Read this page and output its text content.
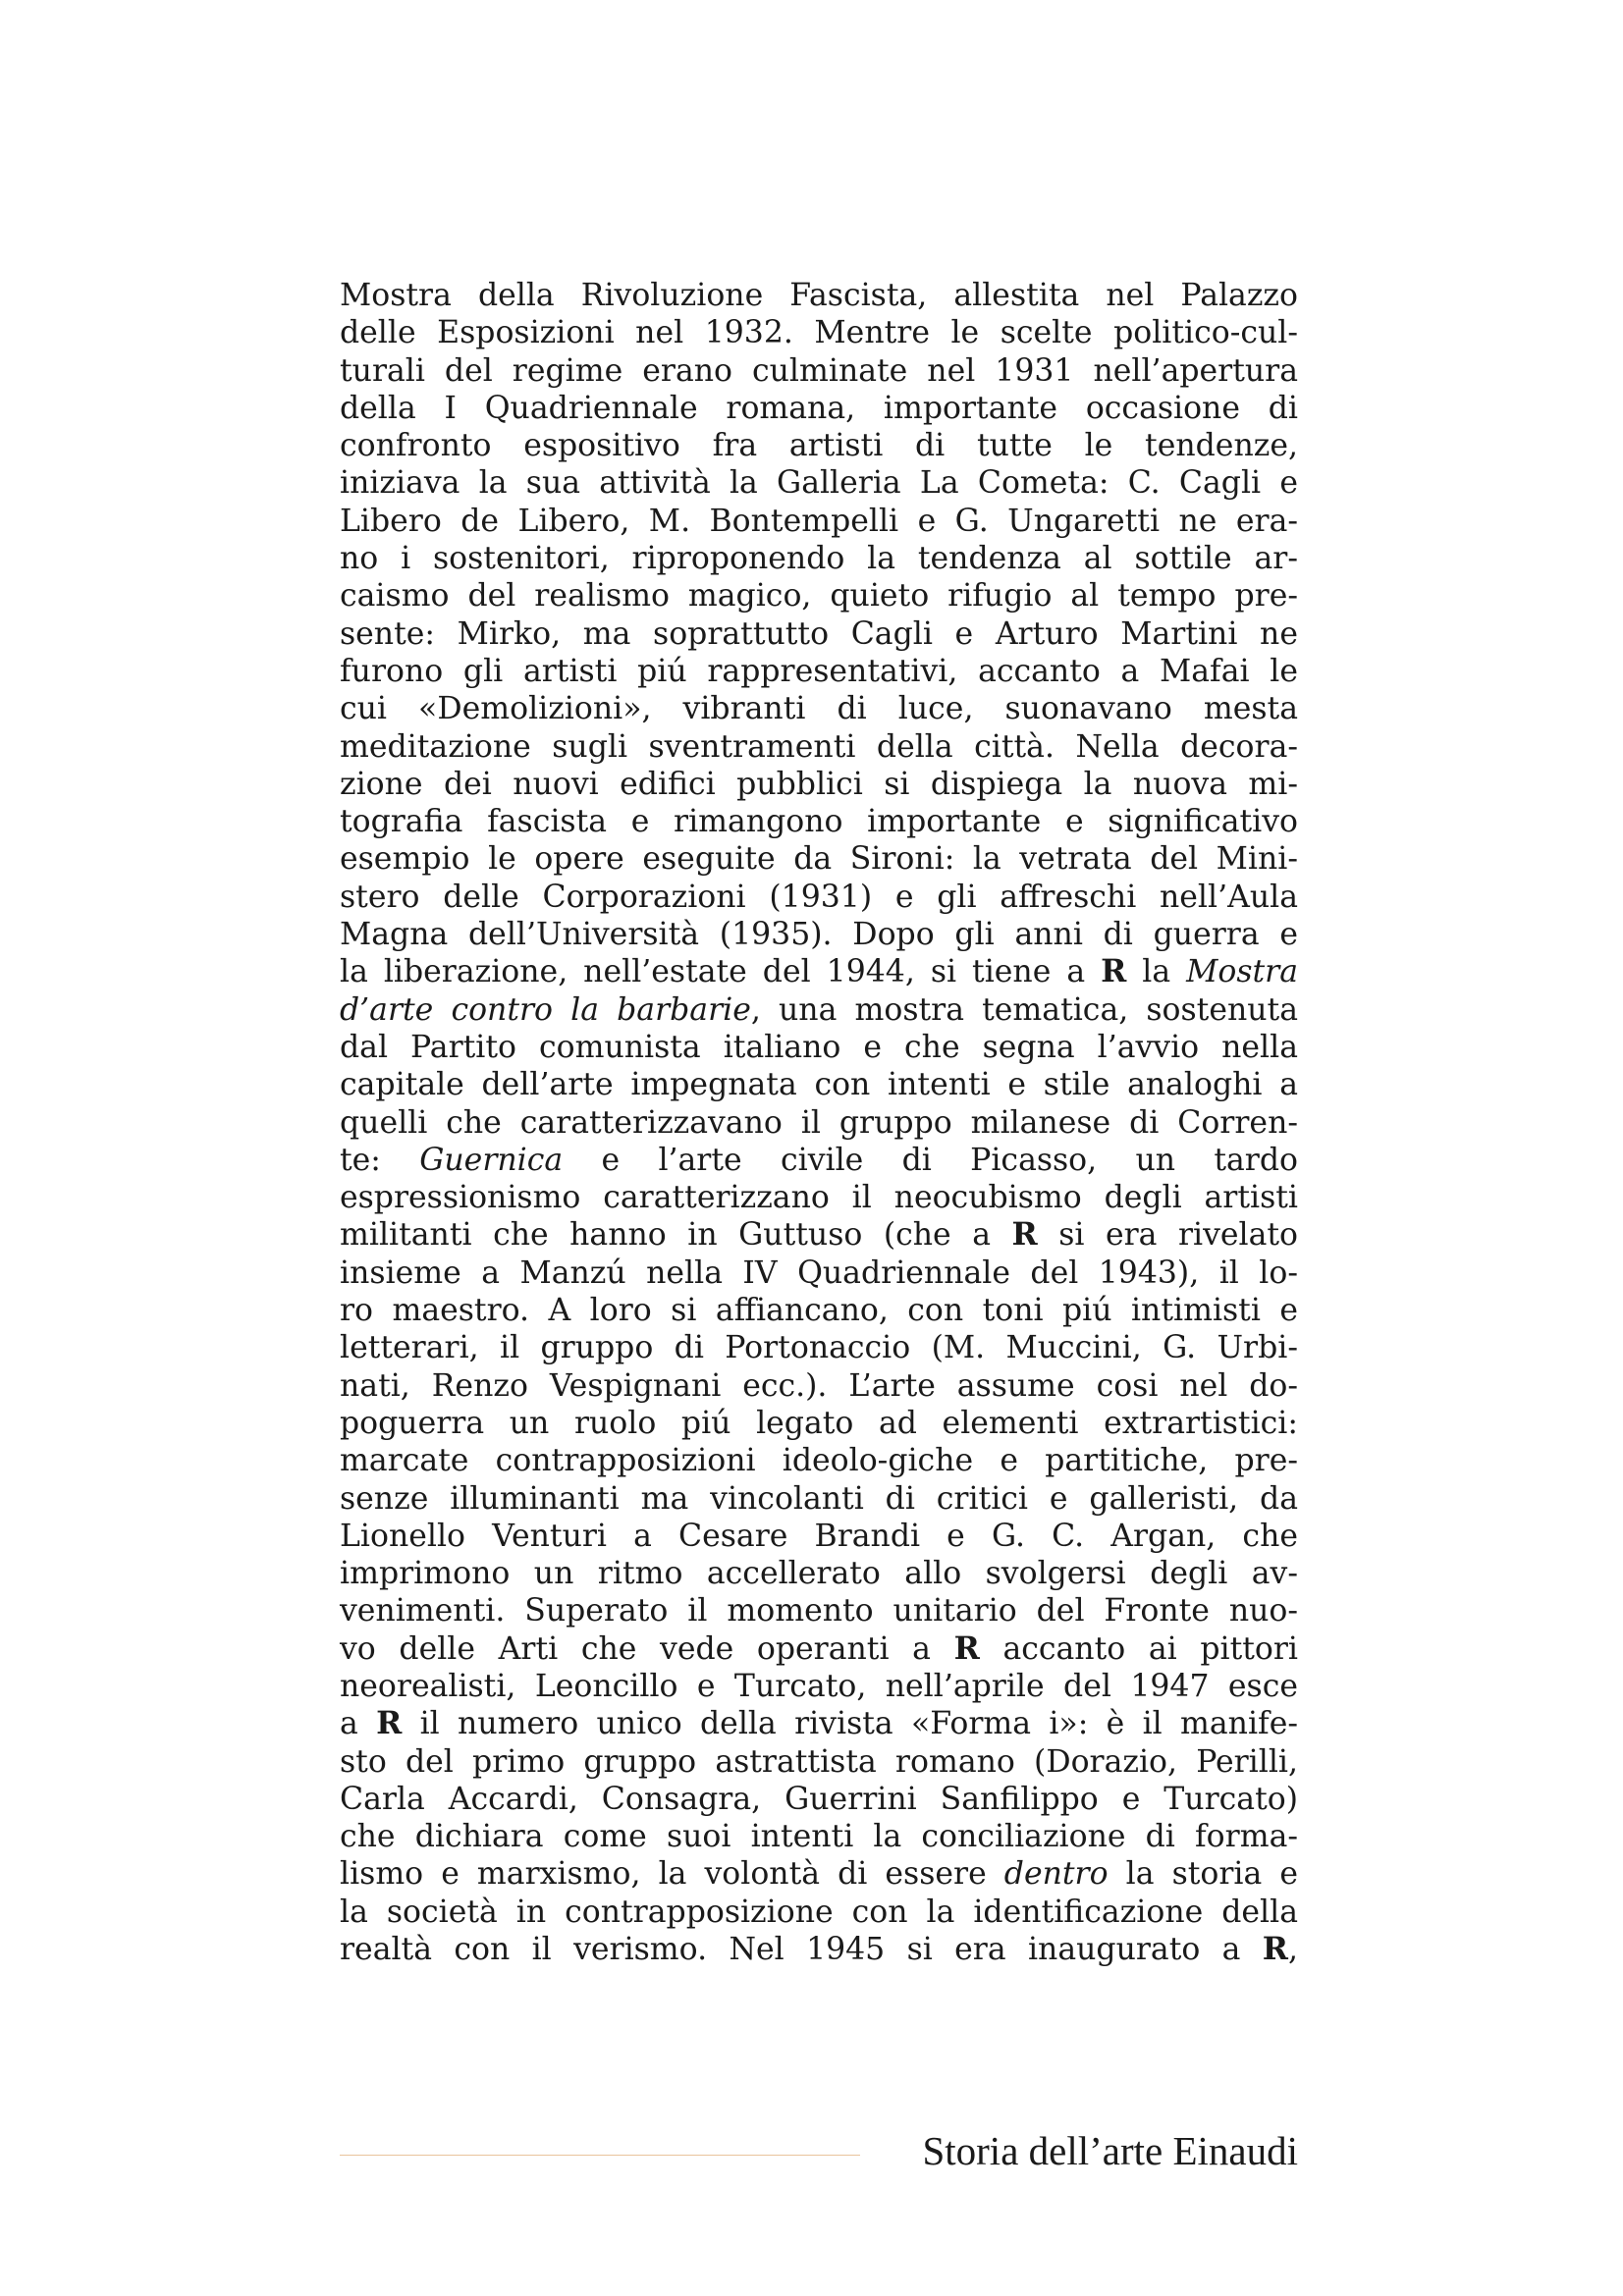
Mostra della Rivoluzione Fascista, allestita nel Palazzo
delle Esposizioni nel 1932. Mentre le scelte politico-cul-
turali del regime erano culminate nel 1931 nell’apertura
della I Quadriennale romana, importante occasione di
confronto espositivo fra artisti di tutte le tendenze,
iniziava la sua attività la Galleria La Cometa: C. Cagli e
Libero de Libero, M. Bontempelli e G. Ungaretti ne era-
no i sostenitori, riproponendo la tendenza al sottile ar-
caismo del realismo magico, quieto rifugio al tempo pre-
sente: Mirko, ma soprattutto Cagli e Arturo Martini ne
furono gli artisti piú rappresentativi, accanto a Mafai le
cui «Demolizioni», vibranti di luce, suonavano mesta
meditazione sugli sventramenti della città. Nella decora-
zione dei nuovi edifici pubblici si dispiega la nuova mi-
tografia fascista e rimangono importante e significativo
esempio le opere eseguite da Sironi: la vetrata del Mini-
stero delle Corporazioni (1931) e gli affreschi nell’Aula
Magna dell’Università (1935). Dopo gli anni di guerra e
la liberazione, nell’estate del 1944, si tiene a R la Mostra
d’arte contro la barbarie, una mostra tematica, sostenuta
dal Partito comunista italiano e che segna l’avvio nella
capitale dell’arte impegnata con intenti e stile analoghi a
quelli che caratterizzavano il gruppo milanese di Corren-
te: Guernica e l’arte civile di Picasso, un tardo
espressionismo caratterizzano il neocubismo degli artisti
militanti che hanno in Guttuso (che a R si era rivelato
insieme a Manzú nella IV Quadriennale del 1943), il lo-
ro maestro. A loro si affiancano, con toni piú intimisti e
letterari, il gruppo di Portonaccio (M. Muccini, G. Urbi-
nati, Renzo Vespignani ecc.). L’arte assume cosi nel do-
poguerra un ruolo piú legato ad elementi extrartistici:
marcate contrapposizioni ideolo-giche e partitiche, pre-
senze illuminanti ma vincolanti di critici e galleristi, da
Lionello Venturi a Cesare Brandi e G. C. Argan, che
imprimono un ritmo accellerato allo svolgersi degli av-
venimenti. Superato il momento unitario del Fronte nuo-
vo delle Arti che vede operanti a R accanto ai pittori
neorealisti, Leoncillo e Turcato, nell’aprile del 1947 esce
a R il numero unico della rivista «Forma i»: è il manife-
sto del primo gruppo astrattista romano (Dorazio, Perilli,
Carla Accardi, Consagra, Guerrini Sanfilippo e Turcato)
che dichiara come suoi intenti la conciliazione di forma-
lismo e marxismo, la volontà di essere dentro la storia e
la società in contrapposizione con la identificazione della
realtà con il verismo. Nel 1945 si era inaugurato a R,
Storia dell’arte Einaudi
